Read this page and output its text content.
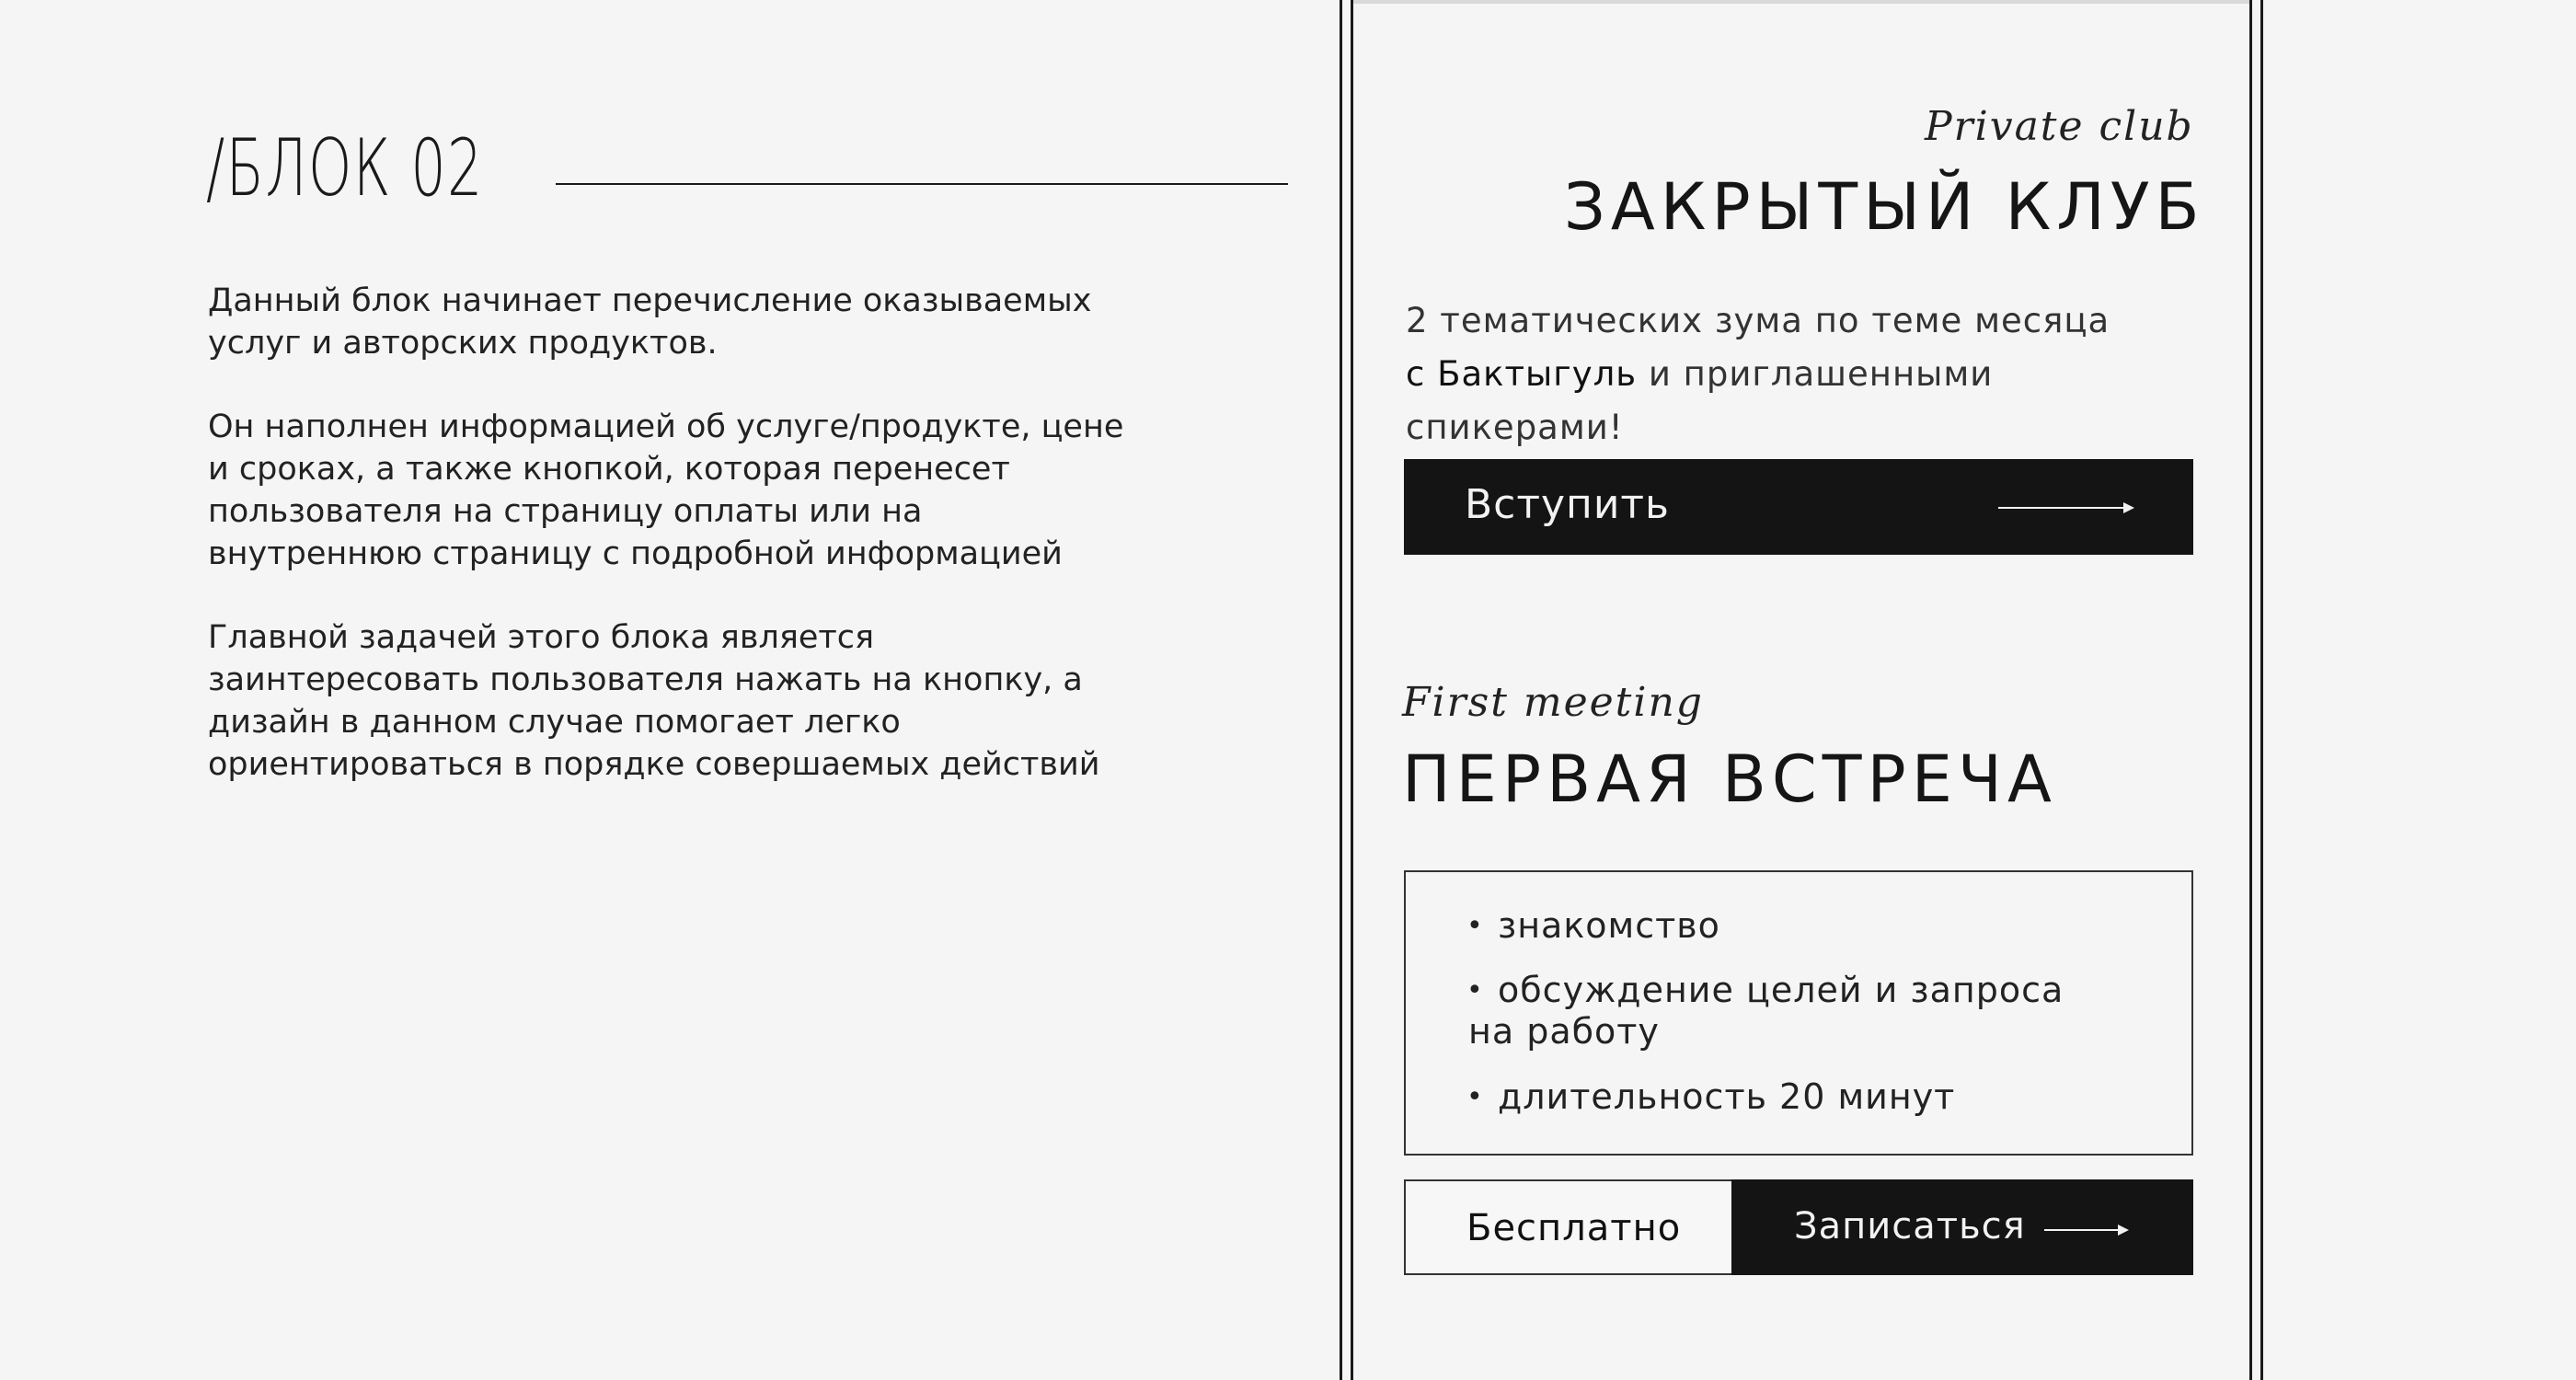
/БЛОК 02

Данный блок начинает перечисление оказываемых услуг и авторских продуктов.

Он наполнен информацией об услуге/продукте, цене и сроках, а также кнопкой, которая перенесет пользователя на страницу оплаты или на внутреннюю страницу с подробной информацией

Главной задачей этого блока является заинтересовать пользователя нажать на кнопку, а дизайн в данном случае помогает легко ориентироваться в порядке совершаемых действий

Private club
ЗАКРЫТЫЙ КЛУБ
2 тематических зума по теме месяца
с Бактыгуль и приглашенными спикерами!
Вступить
First meeting
ПЕРВАЯ ВСТРЕЧА
• знакомство
• обсуждение целей и запроса на работу
• длительность 20 минут
Бесплатно	Записаться
